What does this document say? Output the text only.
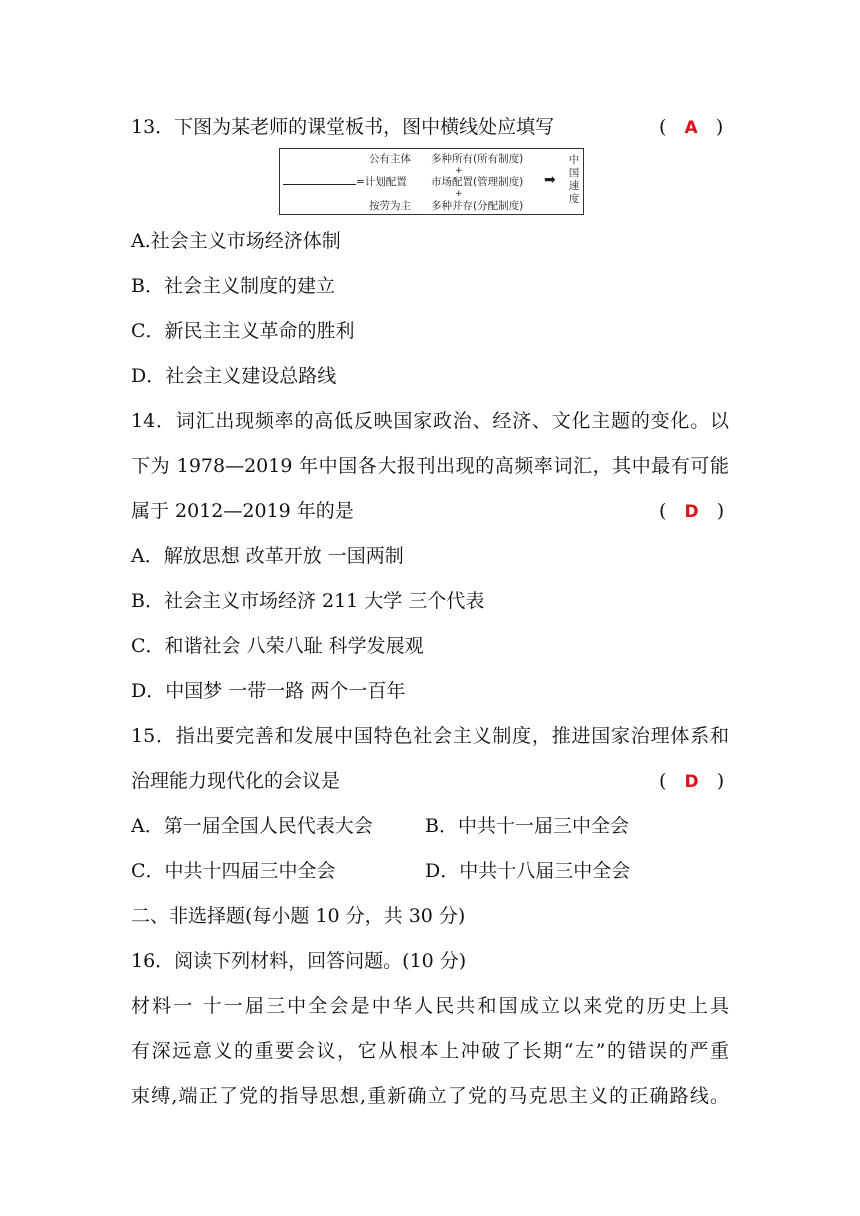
13．下图为某老师的课堂板书，图中横线处应填写	(   A   )
公有主体 多种所有(所有制度)
+
=计划配置 市场配置(管理制度) ➡
+
按劳为主 多种并存(分配制度)
中
国
速
度
A.社会主义市场经济体制
B．社会主义制度的建立
C．新民主主义革命的胜利
D．社会主义建设总路线
14．词汇出现频率的高低反映国家政治、经济、文化主题的变化。以
下为 1978—2019 年中国各大报刊出现的高频率词汇，其中最有可能
属于 2012—2019 年的是	(   D   )
A．解放思想 改革开放 一国两制
B．社会主义市场经济 211 大学 三个代表
C．和谐社会 八荣八耻 科学发展观
D．中国梦 一带一路 两个一百年
15．指出要完善和发展中国特色社会主义制度，推进国家治理体系和
治理能力现代化的会议是	(   D   )
A．第一届全国人民代表大会	B．中共十一届三中全会
C．中共十四届三中全会	D．中共十八届三中全会
二、非选择题(每小题 10 分，共 30 分)
16．阅读下列材料，回答问题。(10 分)
材料一 十一届三中全会是中华人民共和国成立以来党的历史上具
有深远意义的重要会议，它从根本上冲破了长期“左”的错误的严重
束缚,端正了党的指导思想,重新确立了党的马克思主义的正确路线。
